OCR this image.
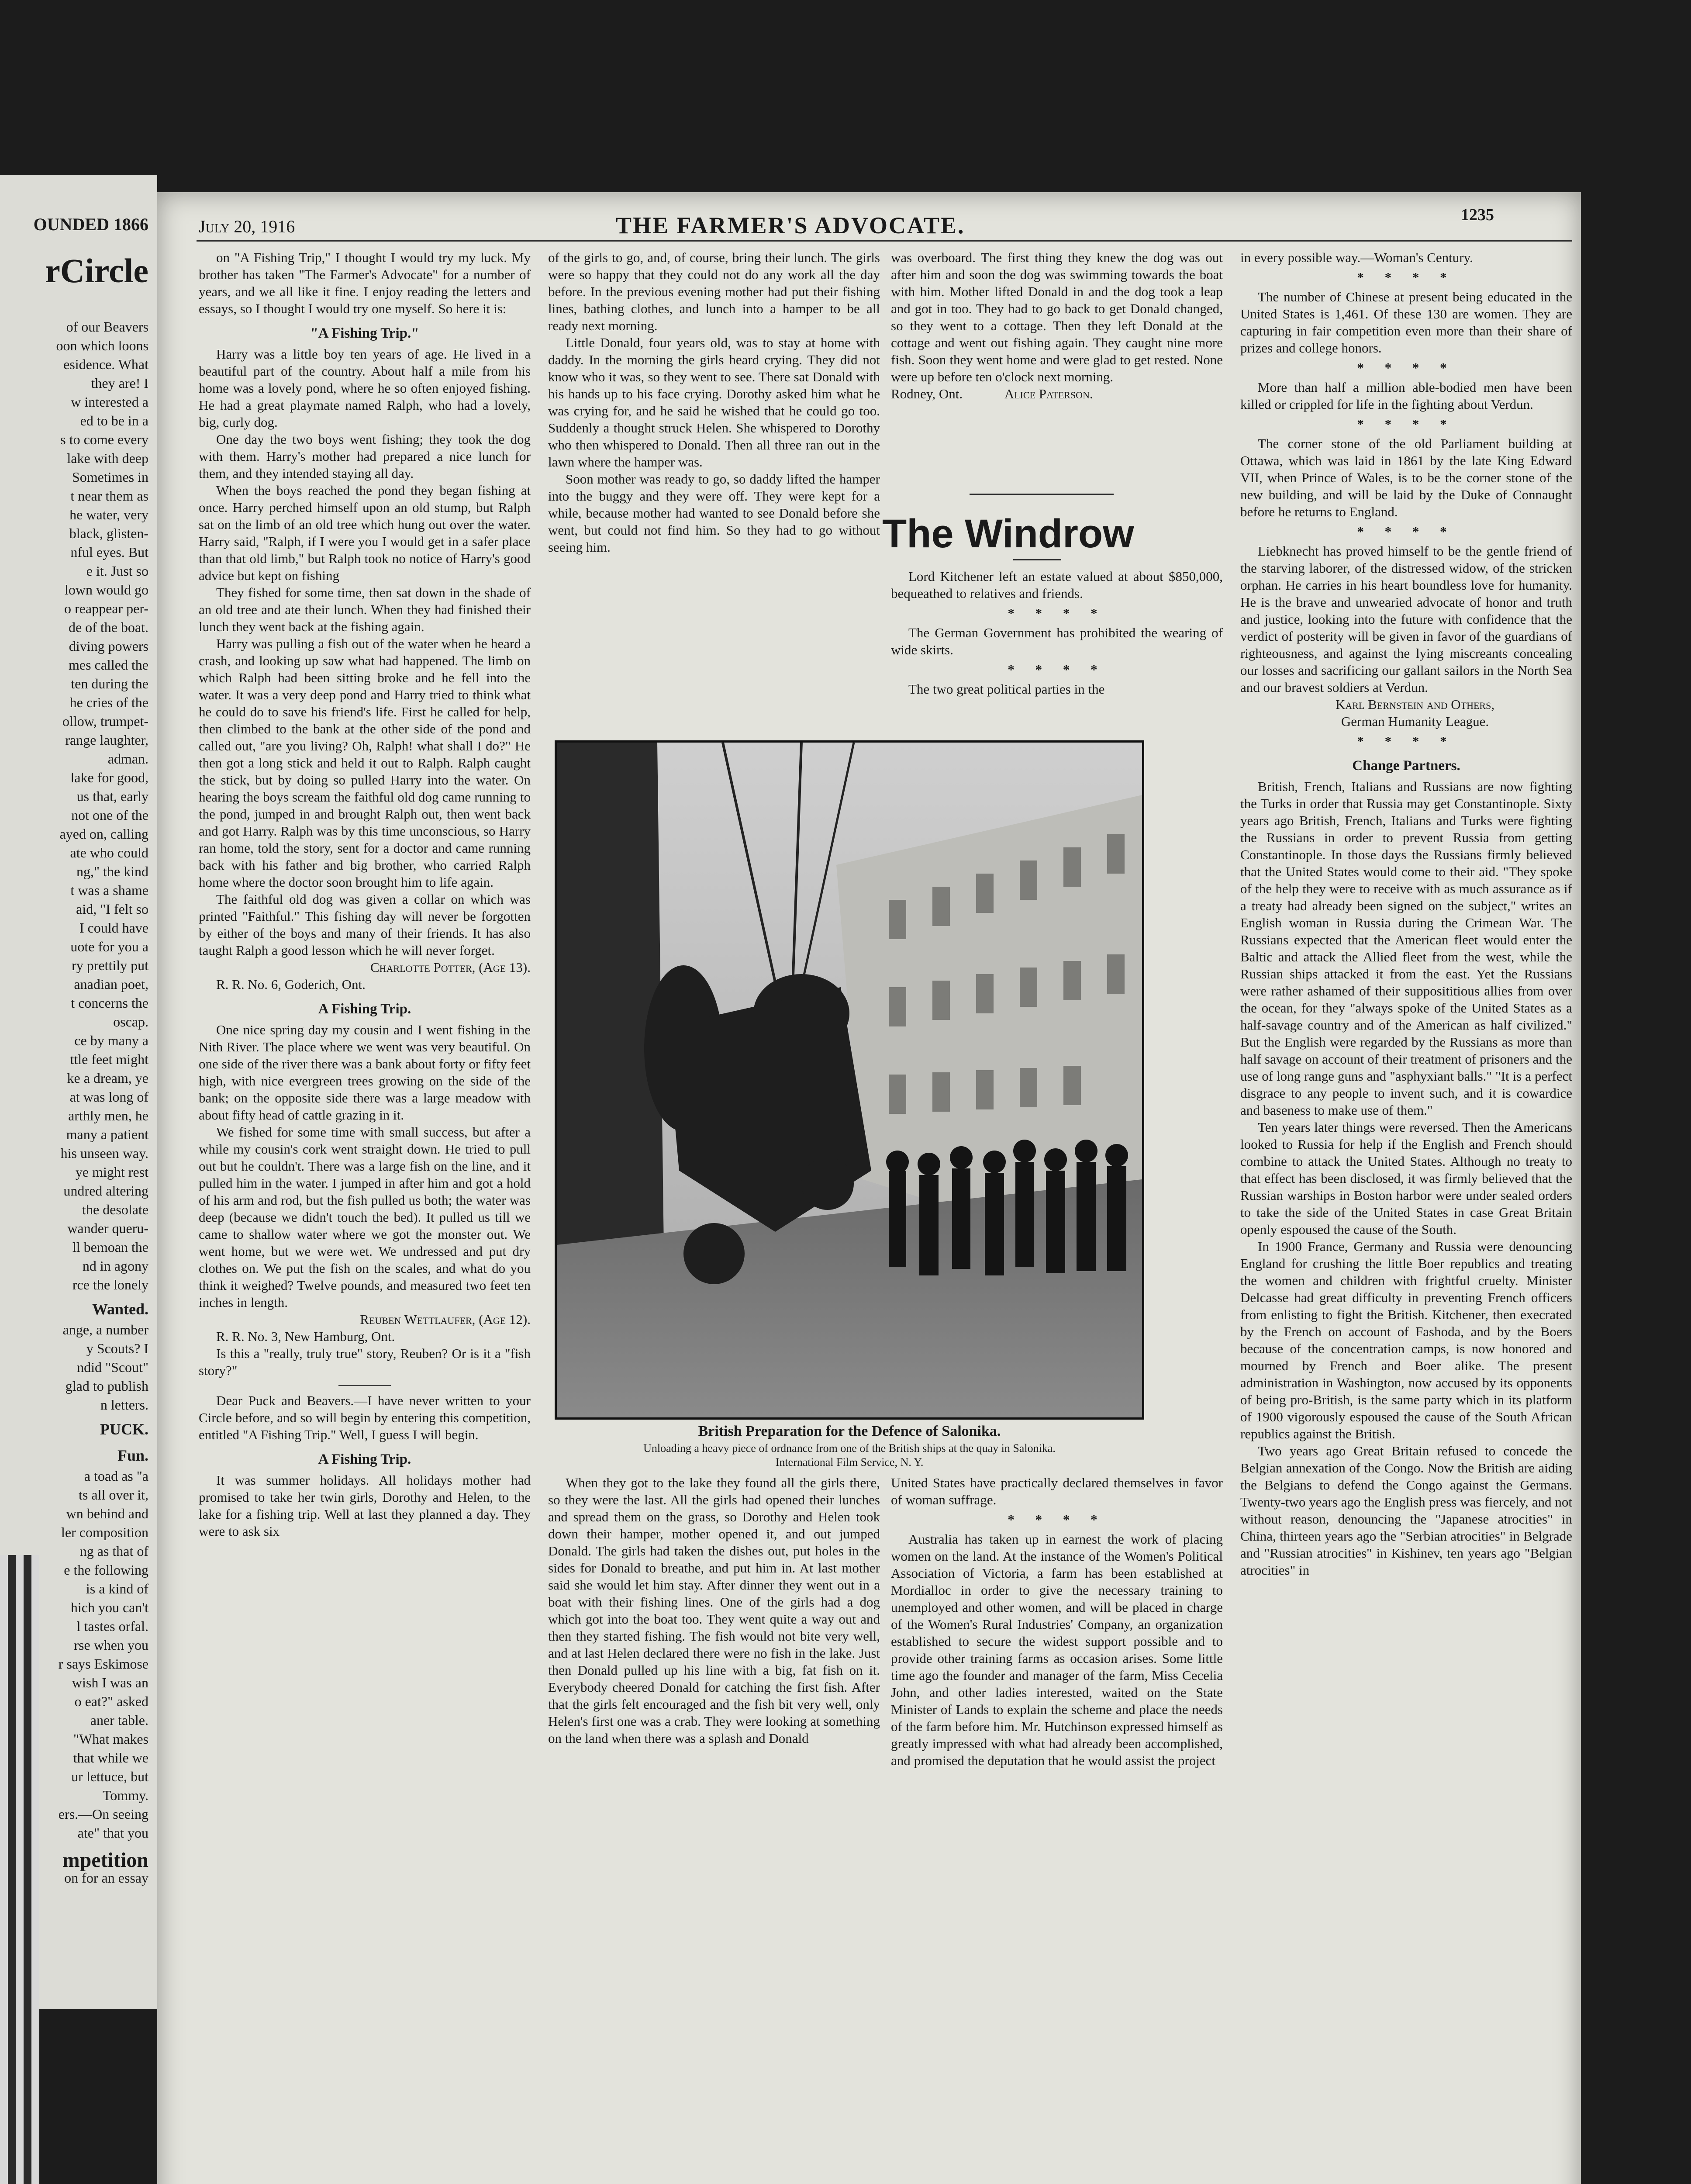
OUNDED 1866
rCircle
of our Beavers
oon which loons
esidence. What
they are! I
w interested a
ed to be in a
s to come every
lake with deep
Sometimes in
t near them as
he water, very
black, glisten-
nful eyes. But
e it. Just so
lown would go
o reappear per-
de of the boat.
diving powers
mes called the
ten during the
he cries of the
ollow, trumpet-
range laughter,
adman.
lake for good,
us that, early
not one of the
ayed on, calling
ate who could
ng," the kind
t was a shame
aid, "I felt so
I could have
uote for you a
ry prettily put
anadian poet,
t concerns the
oscap.
ce by many a
ttle feet might
ke a dream, ye
at was long of
arthly men, he
many a patient
his unseen way.
ye might rest
undred altering
the desolate
wander queru-
ll bemoan the
nd in agony
rce the lonely
Wanted.
ange, a number
y Scouts? I
ndid "Scout"
glad to publish
n letters.
PUCK.
Fun.
a toad as "a
ts all over it,
wn behind and
ler composition
ng as that of
e the following
is a kind of
hich you can't
l tastes orfal.
rse when you
r says Eskimose
wish I was an
o eat?" asked
aner table.
"What makes
that while we
ur lettuce, but
Tommy.
ers.—On seeing
ate" that you
mpetition
on for an essay
July 20, 1916	THE FARMER'S ADVOCATE.	1235

on "A Fishing Trip," I thought I would try my luck. My brother has taken "The Farmer's Advocate" for a number of years, and we all like it fine. I enjoy reading the letters and essays, so I thought I would try one myself. So here it is:

"A Fishing Trip."

Harry was a little boy ten years of age. He lived in a beautiful part of the country. About half a mile from his home was a lovely pond, where he so often enjoyed fishing. He had a great playmate named Ralph, who had a lovely, big, curly dog.

One day the two boys went fishing; they took the dog with them. Harry's mother had prepared a nice lunch for them, and they intended staying all day.

When the boys reached the pond they began fishing at once. Harry perched himself upon an old stump, but Ralph sat on the limb of an old tree which hung out over the water. Harry said, "Ralph, if I were you I would get in a safer place than that old limb," but Ralph took no notice of Harry's good advice but kept on fishing

They fished for some time, then sat down in the shade of an old tree and ate their lunch. When they had finished their lunch they went back at the fishing again.

Harry was pulling a fish out of the water when he heard a crash, and looking up saw what had happened. The limb on which Ralph had been sitting broke and he fell into the water. It was a very deep pond and Harry tried to think what he could do to save his friend's life. First he called for help, then climbed to the bank at the other side of the pond and called out, "are you living? Oh, Ralph! what shall I do?" He then got a long stick and held it out to Ralph. Ralph caught the stick, but by doing so pulled Harry into the water. On hearing the boys scream the faithful old dog came running to the pond, jumped in and brought Ralph out, then went back and got Harry. Ralph was by this time unconscious, so Harry ran home, told the story, sent for a doctor and came running back with his father and big brother, who carried Ralph home where the doctor soon brought him to life again.

The faithful old dog was given a collar on which was printed "Faithful." This fishing day will never be forgotten by either of the boys and many of their friends. It has also taught Ralph a good lesson which he will never forget.

Charlotte Potter, (Age 13).

R. R. No. 6, Goderich, Ont.

A Fishing Trip.

One nice spring day my cousin and I went fishing in the Nith River. The place where we went was very beautiful. On one side of the river there was a bank about forty or fifty feet high, with nice evergreen trees growing on the side of the bank; on the opposite side there was a large meadow with about fifty head of cattle grazing in it.

We fished for some time with small success, but after a while my cousin's cork went straight down. He tried to pull out but he couldn't. There was a large fish on the line, and it pulled him in the water. I jumped in after him and got a hold of his arm and rod, but the fish pulled us both; the water was deep (because we didn't touch the bed). It pulled us till we came to shallow water where we got the monster out. We went home, but we were wet. We undressed and put dry clothes on. We put the fish on the scales, and what do you think it weighed? Twelve pounds, and measured two feet ten inches in length.

Reuben Wettlaufer, (Age 12).

R. R. No. 3, New Hamburg, Ont.

Is this a "really, truly true" story, Reuben? Or is it a "fish story?"

Dear Puck and Beavers.—I have never written to your Circle before, and so will begin by entering this competition, entitled "A Fishing Trip." Well, I guess I will begin.

A Fishing Trip.

It was summer holidays. All holidays mother had promised to take her twin girls, Dorothy and Helen, to the lake for a fishing trip. Well at last they planned a day. They were to ask six

of the girls to go, and, of course, bring their lunch. The girls were so happy that they could not do any work all the day before. In the previous evening mother had put their fishing lines, bathing clothes, and lunch into a hamper to be all ready next morning.

Little Donald, four years old, was to stay at home with daddy. In the morning the girls heard crying. They did not know who it was, so they went to see. There sat Donald with his hands up to his face crying. Dorothy asked him what he was crying for, and he said he wished that he could go too. Suddenly a thought struck Helen. She whispered to Dorothy who then whispered to Donald. Then all three ran out in the lawn where the hamper was.

Soon mother was ready to go, so daddy lifted the hamper into the buggy and they were off. They were kept for a while, because mother had wanted to see Donald before she went, but could not find him. So they had to go without seeing him.

was overboard. The first thing they knew the dog was out after him and soon the dog was swimming towards the boat with him. Mother lifted Donald in and the dog took a leap and got in too. They had to go back to get Donald changed, so they went to a cottage. Then they left Donald at the cottage and went out fishing again. They caught nine more fish. Soon they went home and were glad to get rested. None were up before ten o'clock next morning.

Rodney, Ont.	Alice Paterson.

The Windrow

Lord Kitchener left an estate valued at about $850,000, bequeathed to relatives and friends.

* * * *

The German Government has prohibited the wearing of wide skirts.

* * * *

The two great political parties in the

British Preparation for the Defence of Salonika.
Unloading a heavy piece of ordnance from one of the British ships at the quay in Salonika.
International Film Service, N. Y.

When they got to the lake they found all the girls there, so they were the last. All the girls had opened their lunches and spread them on the grass, so Dorothy and Helen took down their hamper, mother opened it, and out jumped Donald. The girls had taken the dishes out, put holes in the sides for Donald to breathe, and put him in. At last mother said she would let him stay. After dinner they went out in a boat with their fishing lines. One of the girls had a dog which got into the boat too. They went quite a way out and then they started fishing. The fish would not bite very well, and at last Helen declared there were no fish in the lake. Just then Donald pulled up his line with a big, fat fish on it. Everybody cheered Donald for catching the first fish. After that the girls felt encouraged and the fish bit very well, only Helen's first one was a crab. They were looking at something on the land when there was a splash and Donald

United States have practically declared themselves in favor of woman suffrage.

* * * *

Australia has taken up in earnest the work of placing women on the land. At the instance of the Women's Political Association of Victoria, a farm has been established at Mordialloc in order to give the necessary training to unemployed and other women, and will be placed in charge of the Women's Rural Industries' Company, an organization established to secure the widest support possible and to provide other training farms as occasion arises. Some little time ago the founder and manager of the farm, Miss Cecelia John, and other ladies interested, waited on the State Minister of Lands to explain the scheme and place the needs of the farm before him. Mr. Hutchinson expressed himself as greatly impressed with what had already been accomplished, and promised the deputation that he would assist the project

in every possible way.—Woman's Century.

* * * *

The number of Chinese at present being educated in the United States is 1,461. Of these 130 are women. They are capturing in fair competition even more than their share of prizes and college honors.

* * * *

More than half a million able-bodied men have been killed or crippled for life in the fighting about Verdun.

* * * *

The corner stone of the old Parliament building at Ottawa, which was laid in 1861 by the late King Edward VII, when Prince of Wales, is to be the corner stone of the new building, and will be laid by the Duke of Connaught before he returns to England.

* * * *

Liebknecht has proved himself to be the gentle friend of the starving laborer, of the distressed widow, of the stricken orphan. He carries in his heart boundless love for humanity. He is the brave and unwearied advocate of honor and truth and justice, looking into the future with confidence that the verdict of posterity will be given in favor of the guardians of righteousness, and against the lying miscreants concealing our losses and sacrificing our gallant sailors in the North Sea and our bravest soldiers at Verdun.

Karl Bernstein and Others,

German Humanity League.

* * * *
Change Partners.

British, French, Italians and Russians are now fighting the Turks in order that Russia may get Constantinople. Sixty years ago British, French, Italians and Turks were fighting the Russians in order to prevent Russia from getting Constantinople. In those days the Russians firmly believed that the United States would come to their aid. "They spoke of the help they were to receive with as much assurance as if a treaty had already been signed on the subject," writes an English woman in Russia during the Crimean War. The Russians expected that the American fleet would enter the Baltic and attack the Allied fleet from the west, while the Russian ships attacked it from the east. Yet the Russians were rather ashamed of their supposititious allies from over the ocean, for they "always spoke of the United States as a half-savage country and of the American as half civilized." But the English were regarded by the Russians as more than half savage on account of their treatment of prisoners and the use of long range guns and "asphyxiant balls." "It is a perfect disgrace to any people to invent such, and it is cowardice and baseness to make use of them."

Ten years later things were reversed. Then the Americans looked to Russia for help if the English and French should combine to attack the United States. Although no treaty to that effect has been disclosed, it was firmly believed that the Russian warships in Boston harbor were under sealed orders to take the side of the United States in case Great Britain openly espoused the cause of the South.

In 1900 France, Germany and Russia were denouncing England for crushing the little Boer republics and treating the women and children with frightful cruelty. Minister Delcasse had great difficulty in preventing French officers from enlisting to fight the British. Kitchener, then execrated by the French on account of Fashoda, and by the Boers because of the concentration camps, is now honored and mourned by French and Boer alike. The present administration in Washington, now accused by its opponents of being pro-British, is the same party which in its platform of 1900 vigorously espoused the cause of the South African republics against the British.

Two years ago Great Britain refused to concede the Belgian annexation of the Congo. Now the British are aiding the Belgians to defend the Congo against the Germans. Twenty-two years ago the English press was fiercely, and not without reason, denouncing the "Japanese atrocities" in China, thirteen years ago the "Serbian atrocities" in Belgrade and "Russian atrocities" in Kishinev, ten years ago "Belgian atrocities" in
